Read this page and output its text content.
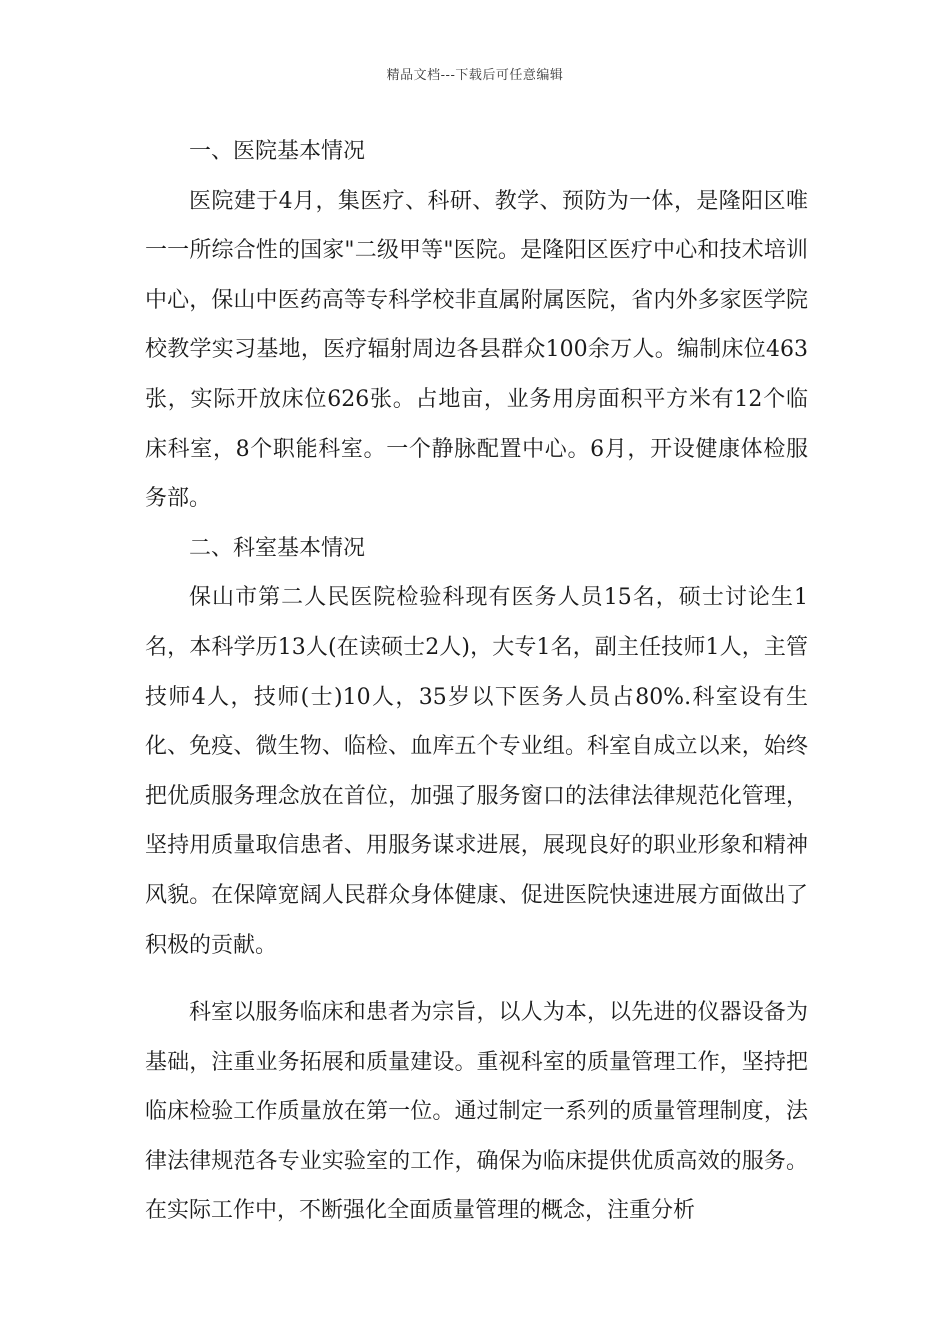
精品文档---下载后可任意编辑
一、医院基本情况

医院建于4月，集医疗、科研、教学、预防为一体，是隆阳区唯一一所综合性的国家"二级甲等"医院。是隆阳区医疗中心和技术培训中心，保山中医药高等专科学校非直属附属医院，省内外多家医学院校教学实习基地，医疗辐射周边各县群众100余万人。编制床位463张，实际开放床位626张。占地亩，业务用房面积平方米有12个临床科室，8个职能科室。一个静脉配置中心。6月，开设健康体检服务部。

二、科室基本情况

保山市第二人民医院检验科现有医务人员15名，硕士讨论生1名，本科学历13人(在读硕士2人)，大专1名，副主任技师1人，主管技师4人，技师(士)10人，35岁以下医务人员占80%.科室设有生化、免疫、微生物、临检、血库五个专业组。科室自成立以来，始终把优质服务理念放在首位，加强了服务窗口的法律法律规范化管理，坚持用质量取信患者、用服务谋求进展，展现良好的职业形象和精神风貌。在保障宽阔人民群众身体健康、促进医院快速进展方面做出了积极的贡献。

科室以服务临床和患者为宗旨，以人为本，以先进的仪器设备为基础，注重业务拓展和质量建设。重视科室的质量管理工作，坚持把临床检验工作质量放在第一位。通过制定一系列的质量管理制度，法律法律规范各专业实验室的工作，确保为临床提供优质高效的服务。在实际工作中，不断强化全面质量管理的概念，注重分析
